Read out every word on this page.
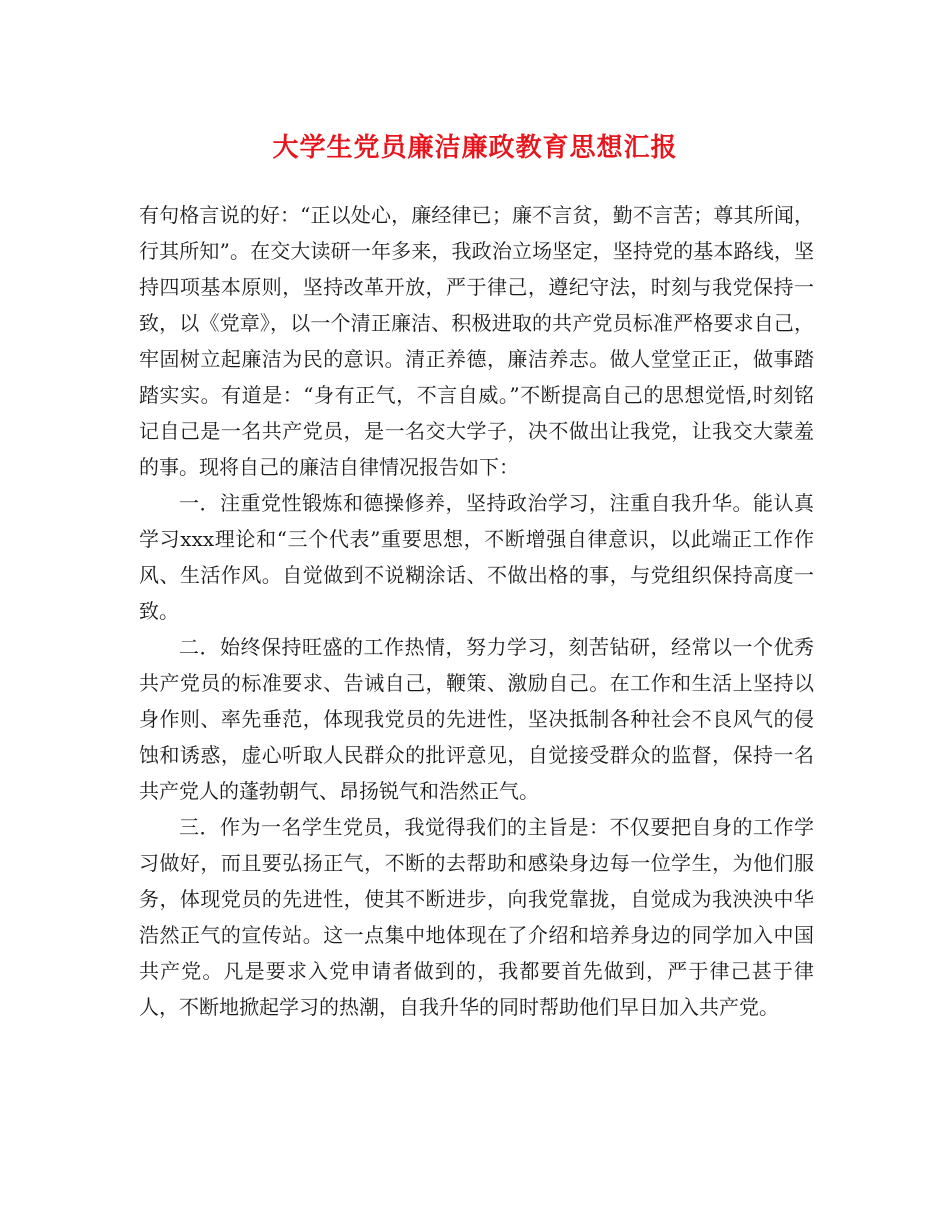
大学生党员廉洁廉政教育思想汇报

有句格言说的好：“正以处心，廉经律已；廉不言贫，勤不言苦；尊其所闻，行其所知”。在交大读研一年多来，我政治立场坚定，坚持党的基本路线，坚持四项基本原则，坚持改革开放，严于律己，遵纪守法，时刻与我党保持一致，以《党章》，以一个清正廉洁、积极进取的共产党员标准严格要求自己，牢固树立起廉洁为民的意识。清正养德，廉洁养志。做人堂堂正正，做事踏踏实实。有道是：“身有正气，不言自威。”不断提高自己的思想觉悟,时刻铭记自己是一名共产党员，是一名交大学子，决不做出让我党，让我交大蒙羞的事。现将自己的廉洁自律情况报告如下：

一．注重党性锻炼和德操修养，坚持政治学习，注重自我升华。能认真学习xxx理论和“三个代表”重要思想，不断增强自律意识，以此端正工作作风、生活作风。自觉做到不说糊涂话、不做出格的事，与党组织保持高度一致。

二．始终保持旺盛的工作热情，努力学习，刻苦钻研，经常以一个优秀共产党员的标准要求、告诫自己，鞭策、激励自己。在工作和生活上坚持以身作则、率先垂范，体现我党员的先进性，坚决抵制各种社会不良风气的侵蚀和诱惑，虚心听取人民群众的批评意见，自觉接受群众的监督，保持一名共产党人的蓬勃朝气、昂扬锐气和浩然正气。

三．作为一名学生党员，我觉得我们的主旨是：不仅要把自身的工作学习做好，而且要弘扬正气，不断的去帮助和感染身边每一位学生，为他们服务，体现党员的先进性，使其不断进步，向我党靠拢，自觉成为我泱泱中华浩然正气的宣传站。这一点集中地体现在了介绍和培养身边的同学加入中国共产党。凡是要求入党申请者做到的，我都要首先做到，严于律己甚于律人，不断地掀起学习的热潮，自我升华的同时帮助他们早日加入共产党。
